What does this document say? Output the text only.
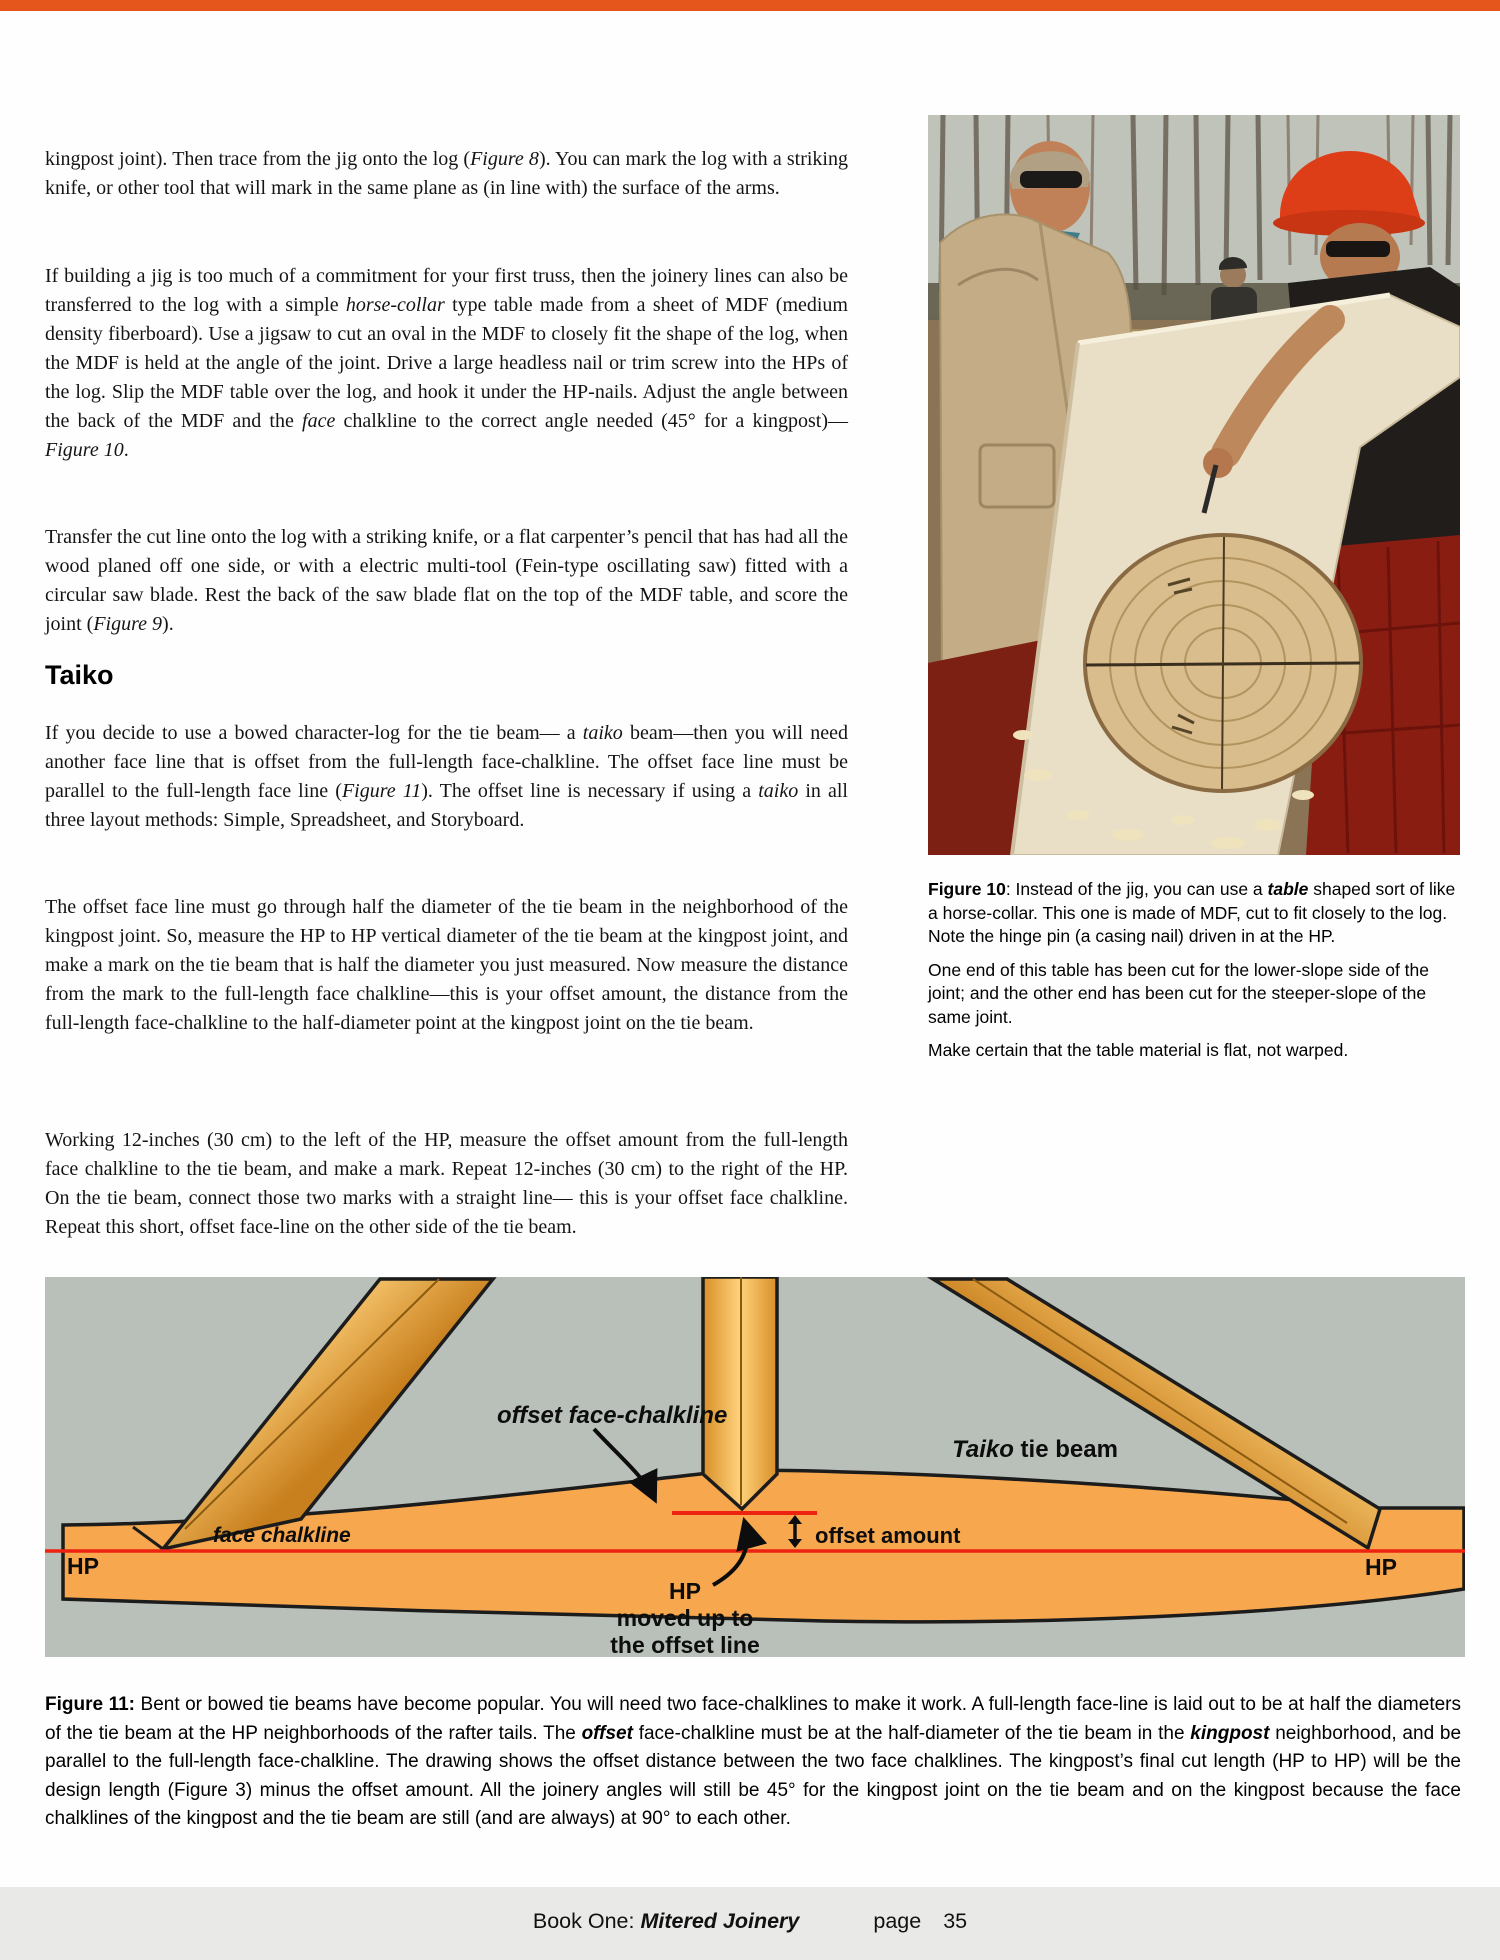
kingpost joint). Then trace from the jig onto the log (Figure 8). You can mark the log with a striking knife, or other tool that will mark in the same plane as (in line with) the surface of the arms.
If building a jig is too much of a commitment for your first truss, then the joinery lines can also be transferred to the log with a simple horse-collar type table made from a sheet of MDF (medium density fiberboard). Use a jigsaw to cut an oval in the MDF to closely fit the shape of the log, when the MDF is held at the angle of the joint. Drive a large headless nail or trim screw into the HPs of the log. Slip the MDF table over the log, and hook it under the HP-nails. Adjust the angle between the back of the MDF and the face chalkline to the correct angle needed (45° for a kingpost)—Figure 10.
Transfer the cut line onto the log with a striking knife, or a flat carpenter’s pencil that has had all the wood planed off one side, or with a electric multi-tool (Fein-type oscillating saw) fitted with a circular saw blade. Rest the back of the saw blade flat on the top of the MDF table, and score the joint (Figure 9).
Taiko
If you decide to use a bowed character-log for the tie beam— a taiko beam—then you will need another face line that is offset from the full-length face-chalkline. The offset face line must be parallel to the full-length face line (Figure 11). The offset line is necessary if using a taiko in all three layout methods: Simple, Spreadsheet, and Storyboard.
The offset face line must go through half the diameter of the tie beam in the neighborhood of the kingpost joint. So, measure the HP to HP vertical diameter of the tie beam at the kingpost joint, and make a mark on the tie beam that is half the diameter you just measured. Now measure the distance from the mark to the full-length face chalkline—this is your offset amount, the distance from the full-length face-chalkline to the half-diameter point at the kingpost joint on the tie beam.
Working 12-inches (30 cm) to the left of the HP, measure the offset amount from the full-length face chalkline to the tie beam, and make a mark. Repeat 12-inches (30 cm) to the right of the HP. On the tie beam, connect those two marks with a straight line— this is your offset face chalkline. Repeat this short, offset face-line on the other side of the tie beam.

Figure 10: Instead of the jig, you can use a table shaped sort of like a horse-collar. This one is made of MDF, cut to fit closely to the log. Note the hinge pin (a casing nail) driven in at the HP.

One end of this table has been cut for the lower-slope side of the joint; and the other end has been cut for the steeper-slope of the same joint.

Make certain that the table material is flat, not warped.

offset face-chalkline
Taiko tie beam
face chalkline
HP
offset amount
HP
moved up to
the offset line
HP
Figure 11: Bent or bowed tie beams have become popular. You will need two face-chalklines to make it work. A full-length face-line is laid out to be at half the diameters of the tie beam at the HP neighborhoods of the rafter tails. The offset face-chalkline must be at the half-diameter of the tie beam in the kingpost neighborhood, and be parallel to the full-length face-chalkline. The drawing shows the offset distance between the two face chalklines. The kingpost’s final cut length (HP to HP) will be the design length (Figure 3) minus the offset amount. All the joinery angles will still be 45° for the kingpost joint on the tie beam and on the kingpost because the face chalklines of the kingpost and the tie beam are still (and are always) at 90° to each other.
Book One: Mitered Joinery	page 35
